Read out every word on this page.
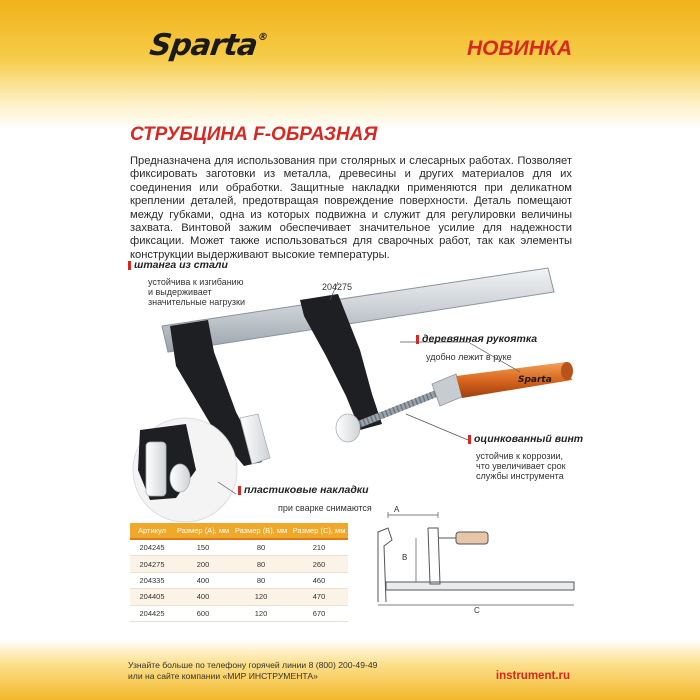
Sparta®	НОВИНКА
СТРУБЦИНА F-ОБРАЗНАЯ
Предназначена для использования при столярных и слесарных работах. Позволяет фиксировать заготовки из металла, древесины и других материалов для их соединения или обработки. Защитные накладки применяются при деликатном креплении деталей, предотвращая повреждение поверхности. Деталь помещают между губками, одна из которых подвижна и служит для регулировки величины захвата. Винтовой зажим обеспечивает значительное усилие для надежности фиксации. Может также использоваться для сварочных работ, так как элементы конструкции выдерживают высокие температуры.
Sparta
A
B
C
штанга из стали
устойчива к изгибанию
и выдерживает
значительные нагрузки
204275
деревянная рукоятка
удобно лежит в руке
оцинкованный винт
устойчив к коррозии,
что увеличивает срок
службы инструмента
пластиковые накладки
при сварке снимаются
Артикул	Размер (А), мм	Размер (В), мм	Размер (С), мм
204245	150	80	210
204275	200	80	260
204335	400	80	460
204405	400	120	470
204425	600	120	670
Узнайте больше по телефону горячей линии 8 (800) 200-49-49
или на сайте компании «МИР ИНСТРУМЕНТА»	instrument.ru
